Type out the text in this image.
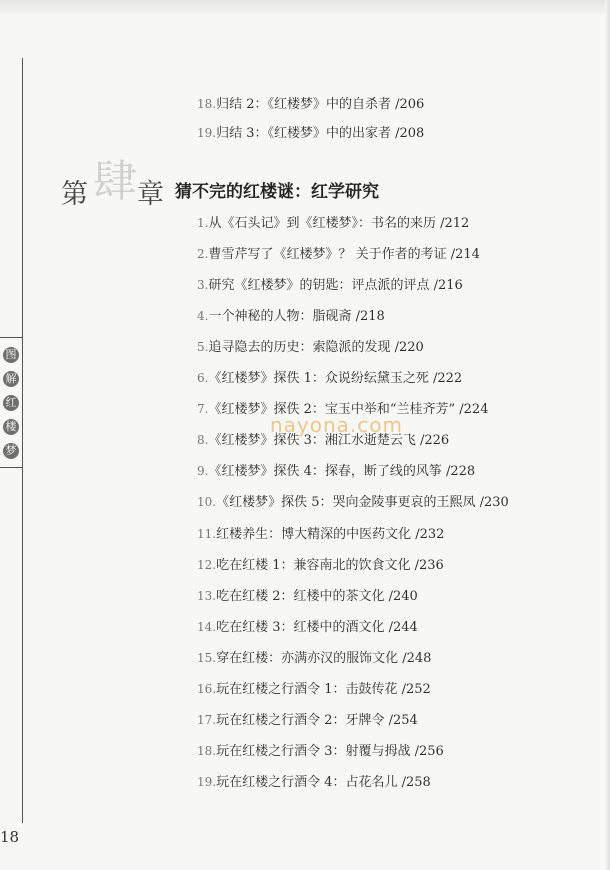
图
解
红
楼
梦
18.归结 2：《红楼梦》中的自杀者 /206
19.归结 3：《红楼梦》中的出家者 /208
1.从《石头记》到《红楼梦》：书名的来历 /212
2.曹雪芹写了《红楼梦》？ 关于作者的考证 /214
3.研究《红楼梦》的钥匙：评点派的评点 /216
4.一个神秘的人物：脂砚斋 /218
5.追寻隐去的历史：索隐派的发现 /220
6.《红楼梦》探佚 1：众说纷纭黛玉之死 /222
7.《红楼梦》探佚 2：宝玉中举和“兰桂齐芳” /224
8.《红楼梦》探佚 3：湘江水逝楚云飞 /226
9.《红楼梦》探佚 4：探春，断了线的风筝 /228
10.《红楼梦》探佚 5：哭向金陵事更哀的王熙凤 /230
11.红楼养生：博大精深的中医药文化 /232
12.吃在红楼 1：兼容南北的饮食文化 /236
13.吃在红楼 2：红楼中的茶文化 /240
14.吃在红楼 3：红楼中的酒文化 /244
15.穿在红楼：亦满亦汉的服饰文化 /248
16.玩在红楼之行酒令 1：击鼓传花 /252
17.玩在红楼之行酒令 2：牙牌令 /254
18.玩在红楼之行酒令 3：射覆与拇战 /256
19.玩在红楼之行酒令 4：占花名儿 /258
第 肆 章 猜不完的红楼谜：红学研究
nayona.com
18
